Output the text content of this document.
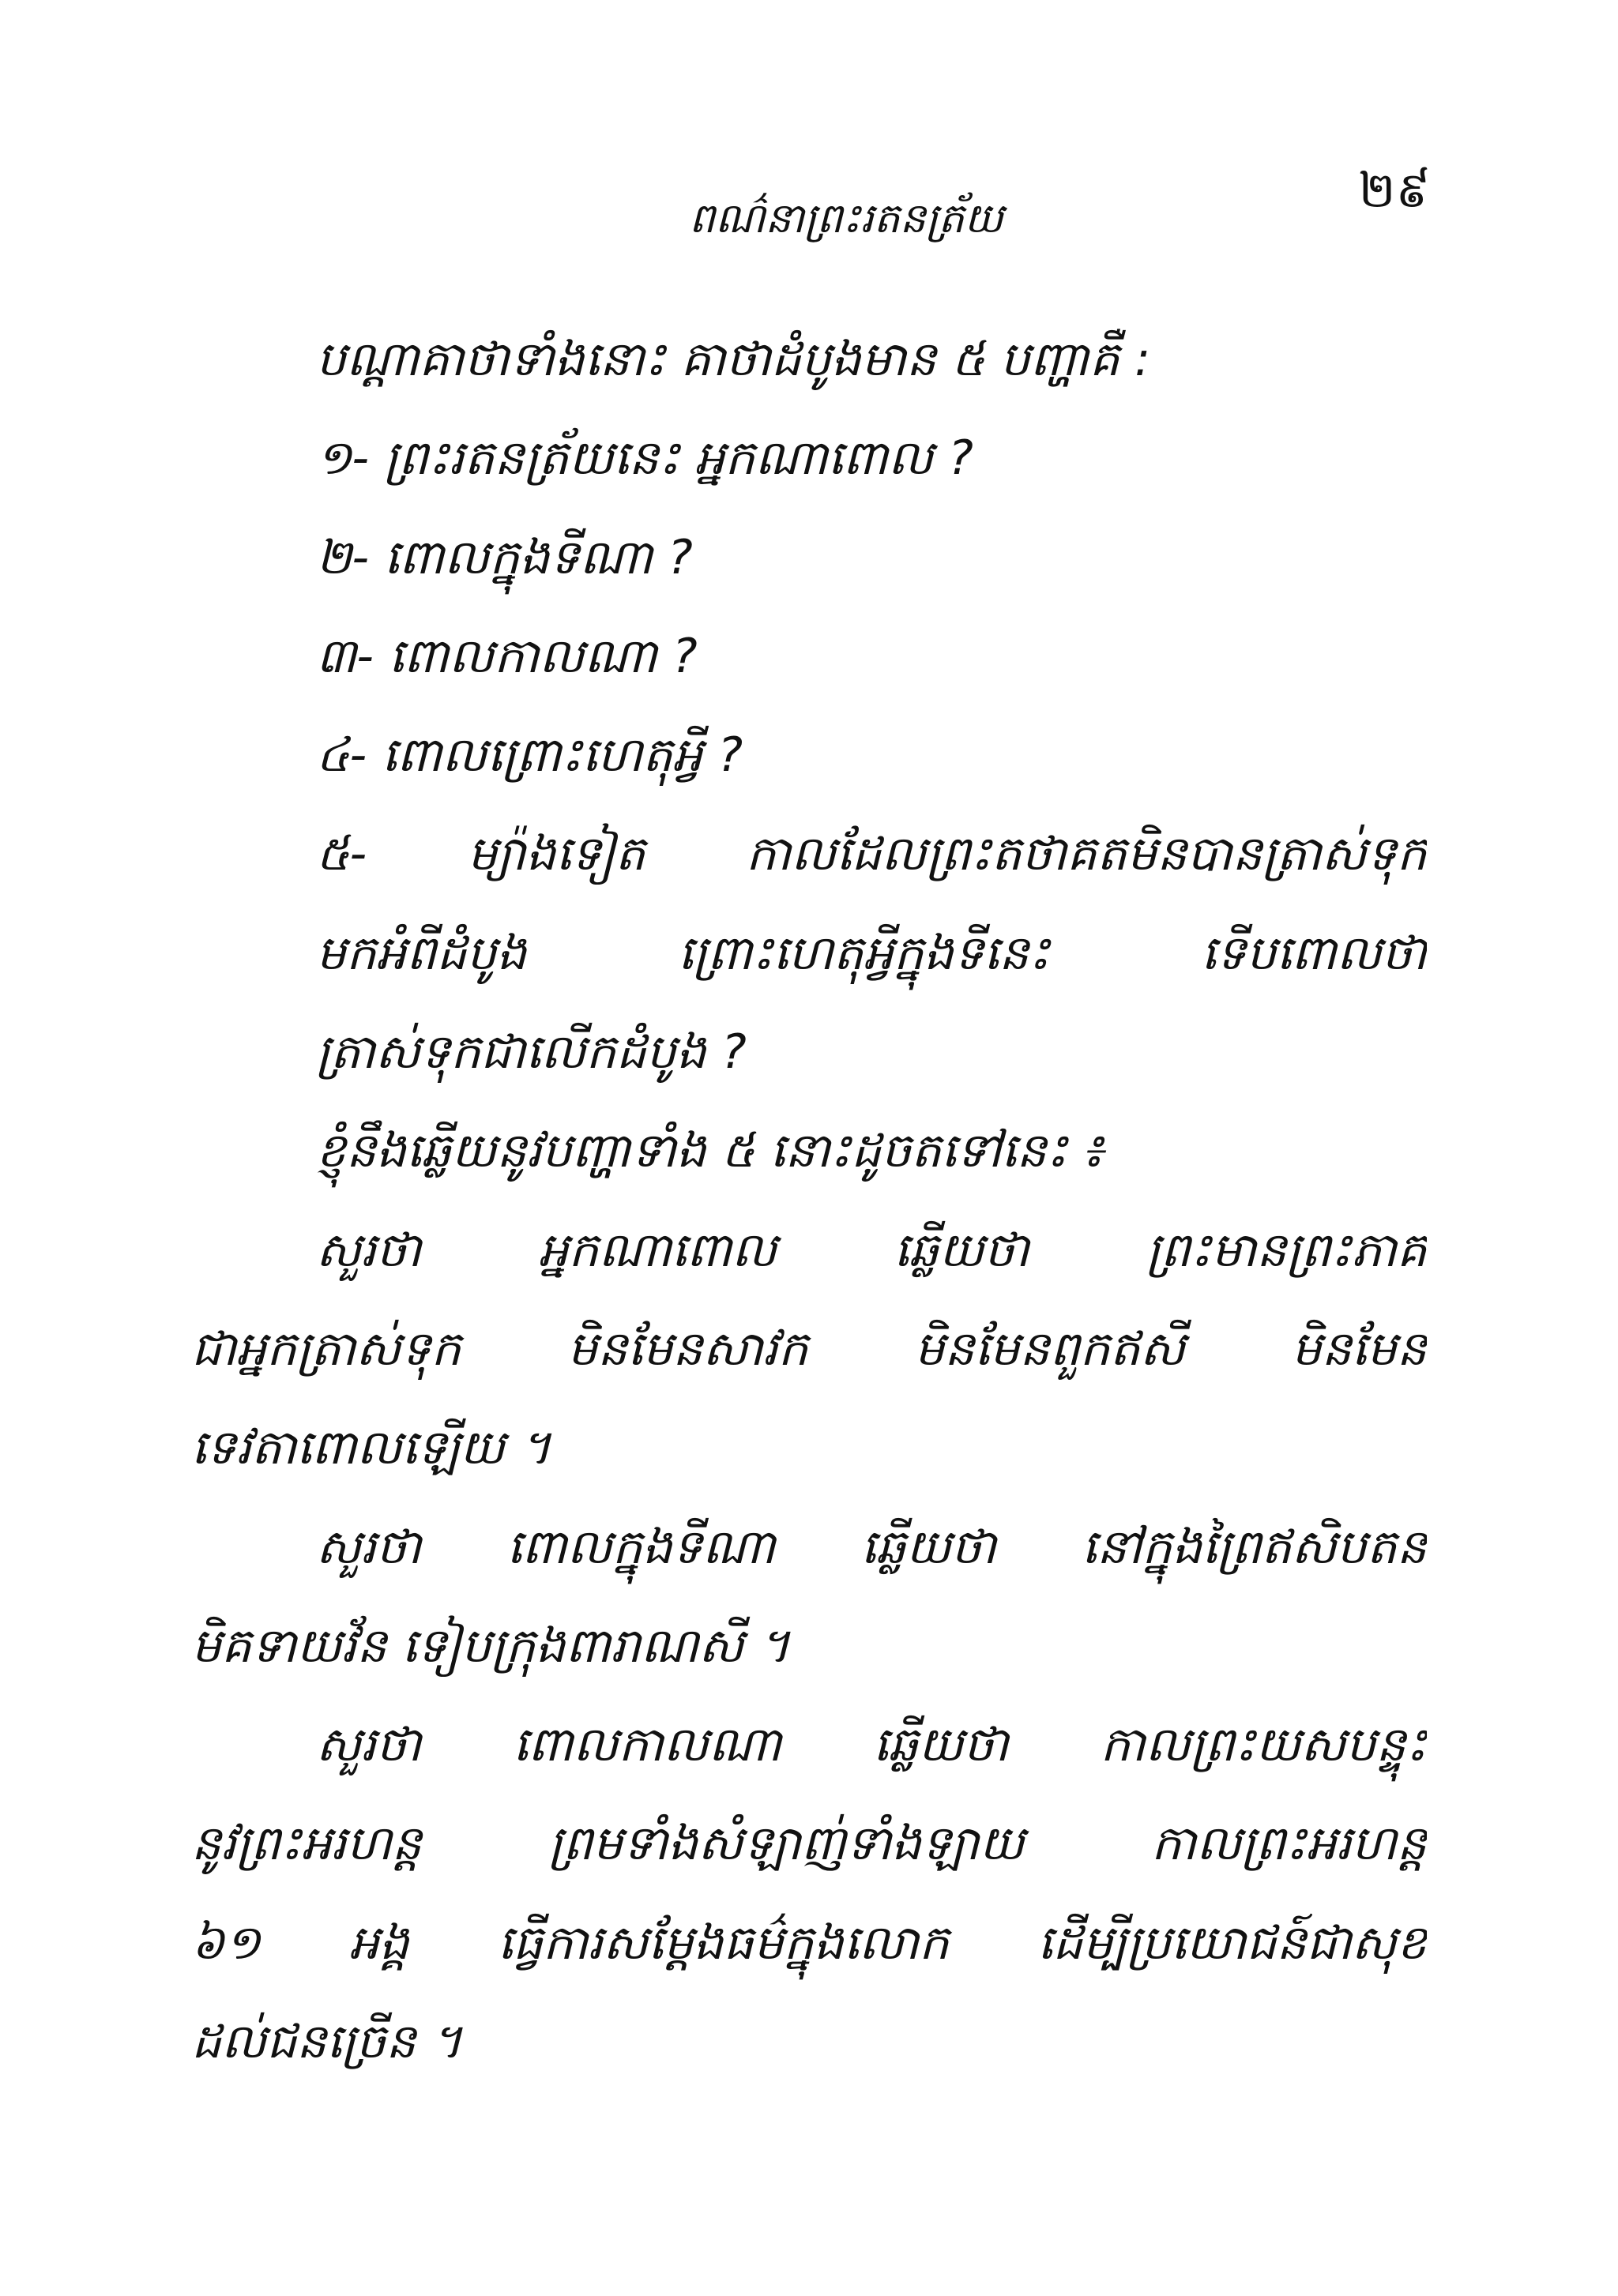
ពណ៌នាព្រះរតនត្រ័យ	២៩
បណ្ដាគាថាទាំងនោះ គាថាដំបូងមាន ៥ បញ្ហាគឺ :
១- ព្រះរតនត្រ័យនេះ អ្នកណាពោល ?
២- ពោលក្នុងទីណា ?
៣- ពោលកាលណា ?
៤- ពោលព្រោះហេតុអ្វី ?
៥- ម្យ៉ាងទៀត កាលដែលព្រះតថាគតមិនបានត្រាស់ទុក
មកអំពីដំបូង ព្រោះហេតុអ្វីក្នុងទីនេះ ទើបពោលថា
ត្រាស់ទុកជាលើកដំបូង ?
ខ្ញុំនឹងឆ្លើយនូវបញ្ហាទាំង ៥ នោះដូចតទៅនេះ ៖
សួរថា អ្នកណាពោល ឆ្លើយថា ព្រះមានព្រះភាគ
ជាអ្នកត្រាស់ទុក មិនមែនសាវក មិនមែនពួកឥសី មិនមែន
ទេវតាពោលឡើយ ។
សួរថា ពោលក្នុងទីណា ឆ្លើយថា នៅក្នុងព្រៃឥសិបតន
មិគទាយវ័ន ទៀបក្រុងពារាណសី ។
សួរថា ពោលកាលណា ឆ្លើយថា កាលព្រះយសបន្ទុះ
នូវព្រះអរហន្ត ព្រមទាំងសំឡាញ់ទាំងឡាយ កាលព្រះអរហន្ត
៦១ អង្គ ធ្វើការសម្ដែងធម៌ក្នុងលោក ដើម្បីប្រយោជន៍ជាសុខ
ដល់ជនច្រើន ។
